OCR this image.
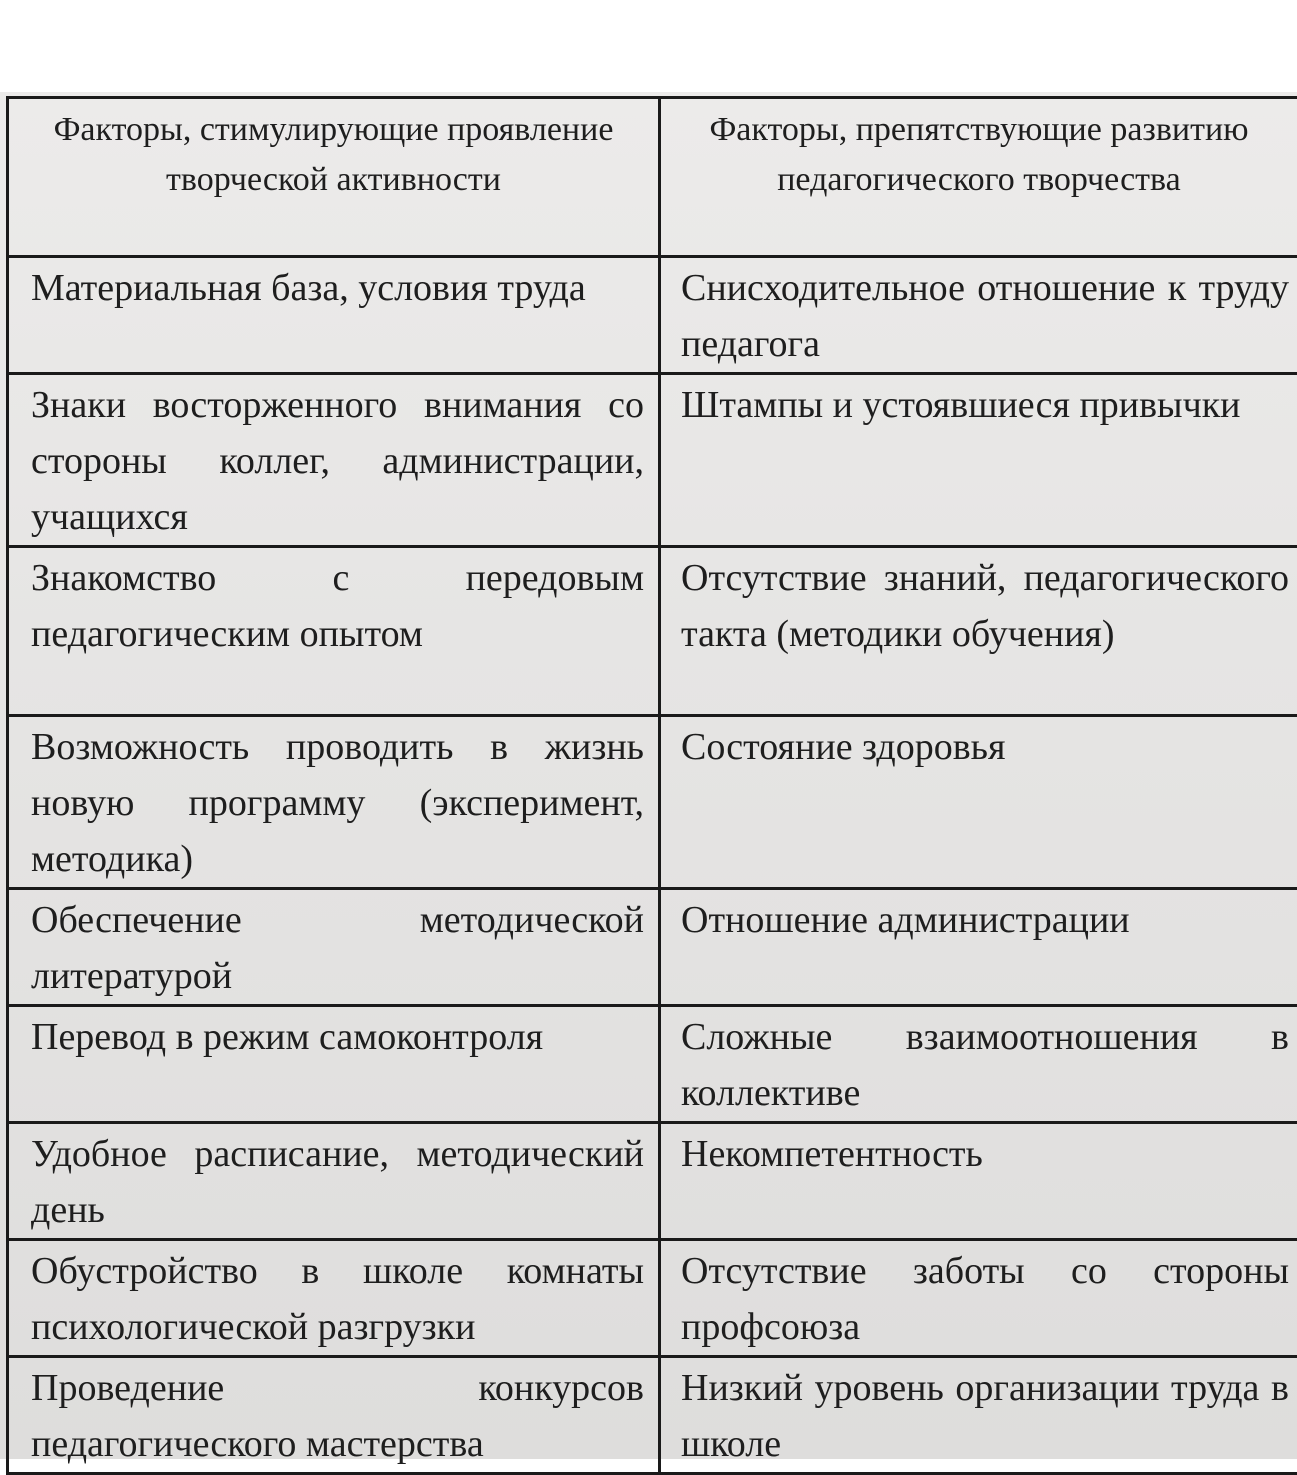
Факторы, стимулирующие проявление творческой активности	Факторы, препятствующие развитию педагогического творчества
Материальная база, условия труда	Снисходительное отношение к труду педагога
Знаки восторженного внимания со стороны коллег, администрации, учащихся	Штампы и устоявшиеся привычки
Знакомство с передовым педагогическим опытом	Отсутствие знаний, педагогического такта (методики обучения)
Возможность проводить в жизнь новую программу (эксперимент, методика)	Состояние здоровья
Обеспечение методической литературой	Отношение администрации
Перевод в режим самоконтроля	Сложные взаимоотношения в коллективе
Удобное расписание, методический день	Некомпетентность
Обустройство в школе комнаты психологической разгрузки	Отсутствие заботы со стороны профсоюза
Проведение конкурсов педагогического мастерства	Низкий уровень организации труда в школе
